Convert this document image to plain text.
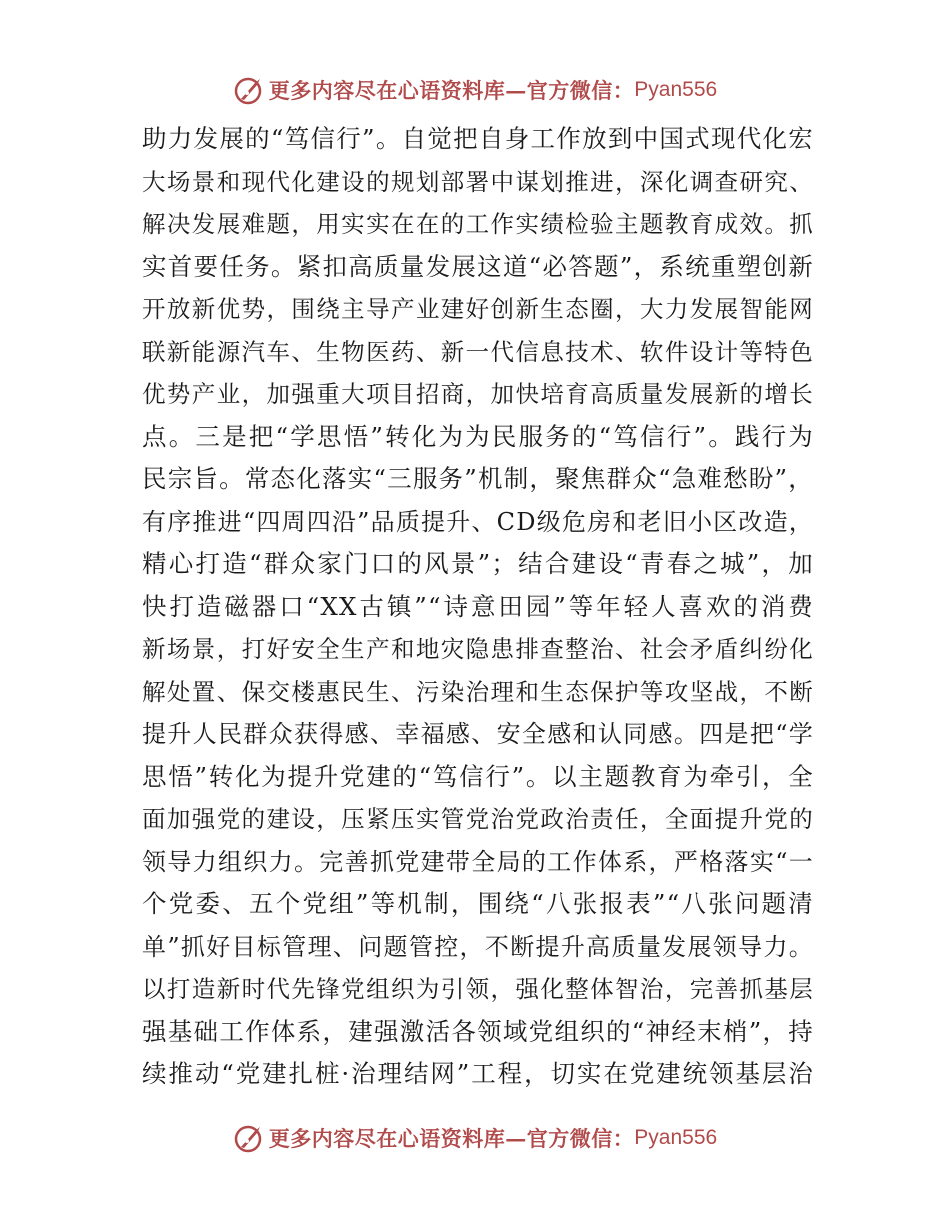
更多内容尽在心语资料库—官方微信： Pyan556
助力发展的“笃信行”。自觉把自身工作放到中国式现代化宏
大场景和现代化建设的规划部署中谋划推进，深化调查研究、
解决发展难题，用实实在在的工作实绩检验主题教育成效。抓
实首要任务。紧扣高质量发展这道“必答题”，系统重塑创新
开放新优势，围绕主导产业建好创新生态圈，大力发展智能网
联新能源汽车、生物医药、新一代信息技术、软件设计等特色
优势产业，加强重大项目招商，加快培育高质量发展新的增长
点。三是把“学思悟”转化为为民服务的“笃信行”。践行为
民宗旨。常态化落实“三服务”机制，聚焦群众“急难愁盼”，
有序推进“四周四沿”品质提升、CD级危房和老旧小区改造，
精心打造“群众家门口的风景”；结合建设“青春之城”，加
快打造磁器口“XX古镇”“诗意田园”等年轻人喜欢的消费
新场景，打好安全生产和地灾隐患排查整治、社会矛盾纠纷化
解处置、保交楼惠民生、污染治理和生态保护等攻坚战，不断
提升人民群众获得感、幸福感、安全感和认同感。四是把“学
思悟”转化为提升党建的“笃信行”。以主题教育为牵引，全
面加强党的建设，压紧压实管党治党政治责任，全面提升党的
领导力组织力。完善抓党建带全局的工作体系，严格落实“一
个党委、五个党组”等机制，围绕“八张报表”“八张问题清
单”抓好目标管理、问题管控，不断提升高质量发展领导力。
以打造新时代先锋党组织为引领，强化整体智治，完善抓基层
强基础工作体系，建强激活各领域党组织的“神经末梢”，持
续推动“党建扎桩·治理结网”工程，切实在党建统领基层治
更多内容尽在心语资料库—官方微信： Pyan556
